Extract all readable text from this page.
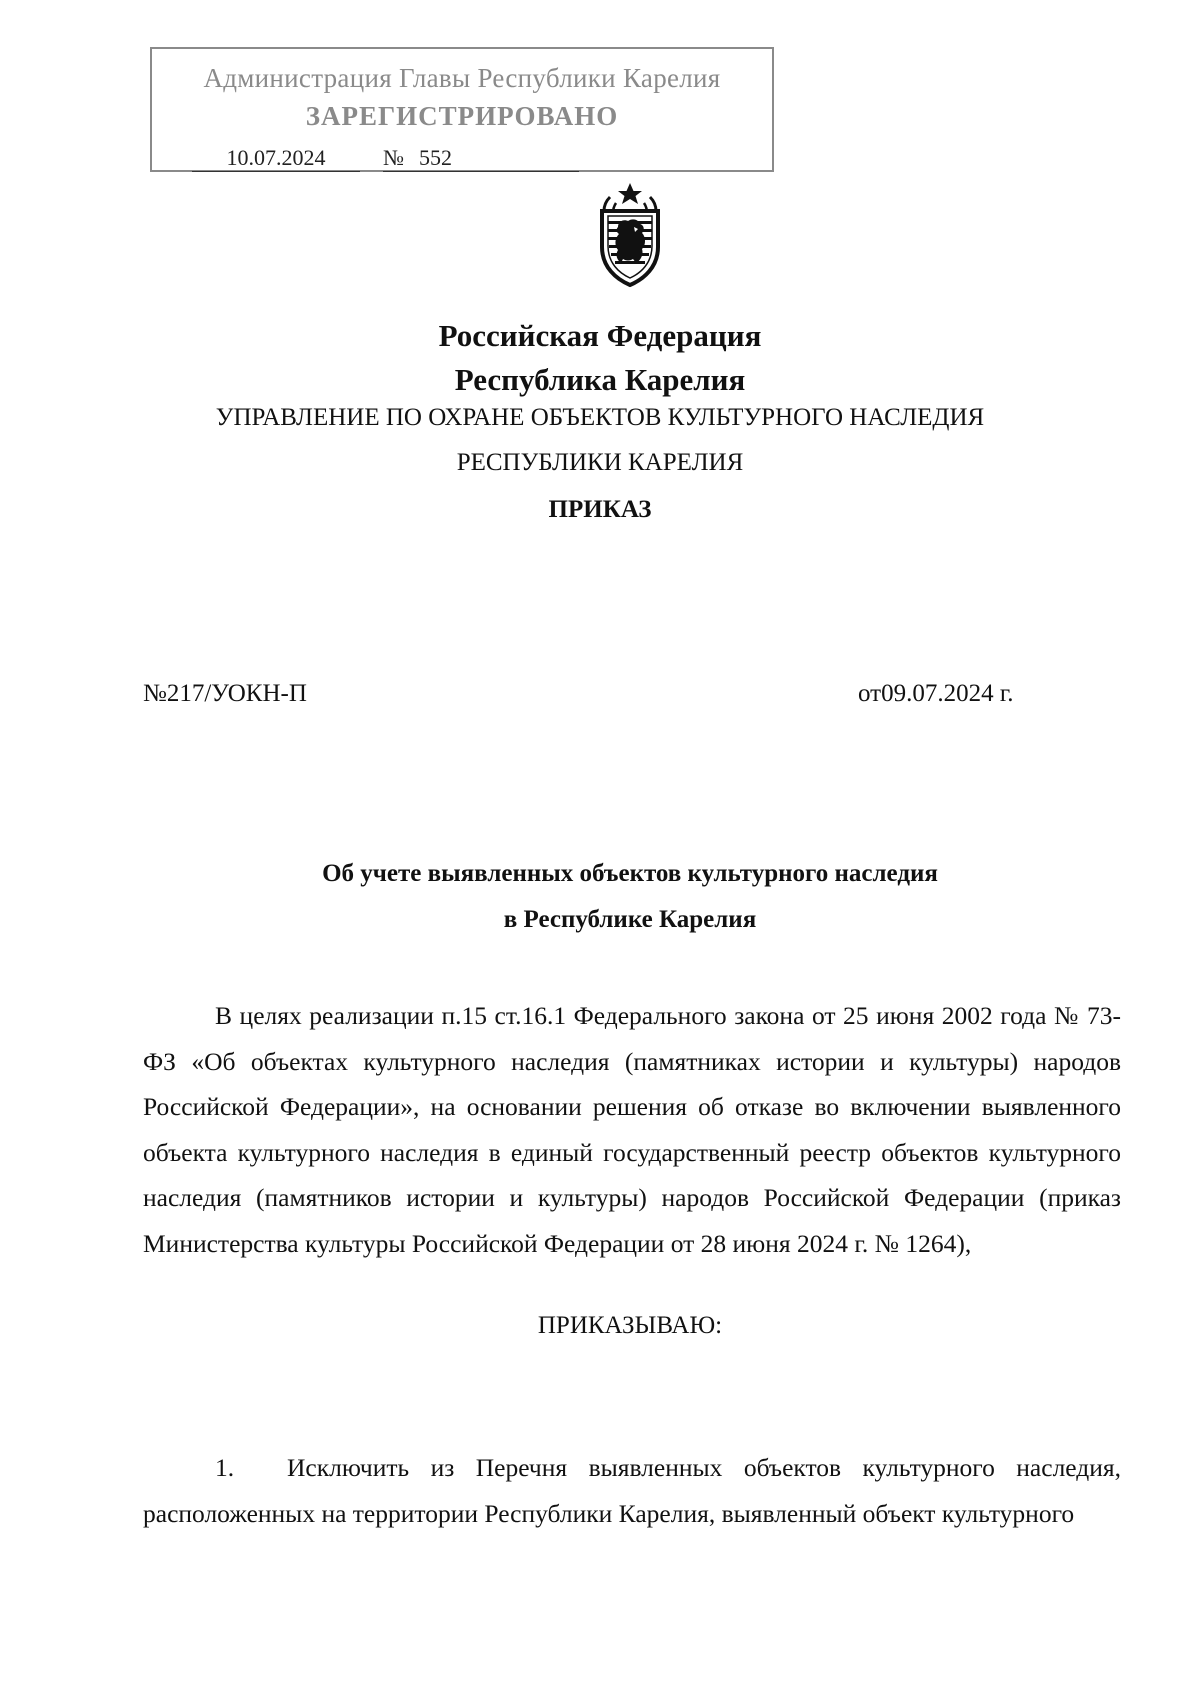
Администрация Главы Республики Карелия
ЗАРЕГИСТРИРОВАНО
10.07.2024	№ 552
Российская Федерация
Республика Карелия
УПРАВЛЕНИЕ ПО ОХРАНЕ ОБЪЕКТОВ КУЛЬТУРНОГО НАСЛЕДИЯ
РЕСПУБЛИКИ КАРЕЛИЯ
ПРИКАЗ
№217/УОКН-П	от09.07.2024 г.
Об учете выявленных объектов культурного наследия
в Республике Карелия
В целях реализации п.15 ст.16.1 Федерального закона от 25 июня 2002 года № 73-ФЗ «Об объектах культурного наследия (памятниках истории и культуры) народов Российской Федерации», на основании решения об отказе во включении выявленного объекта культурного наследия в единый государственный реестр объектов культурного наследия (памятников истории и культуры) народов Российской Федерации (приказ Министерства культуры Российской Федерации от 28 июня 2024 г. № 1264),
ПРИКАЗЫВАЮ:
1. Исключить из Перечня выявленных объектов культурного наследия, расположенных на территории Республики Карелия, выявленный объект культурного
